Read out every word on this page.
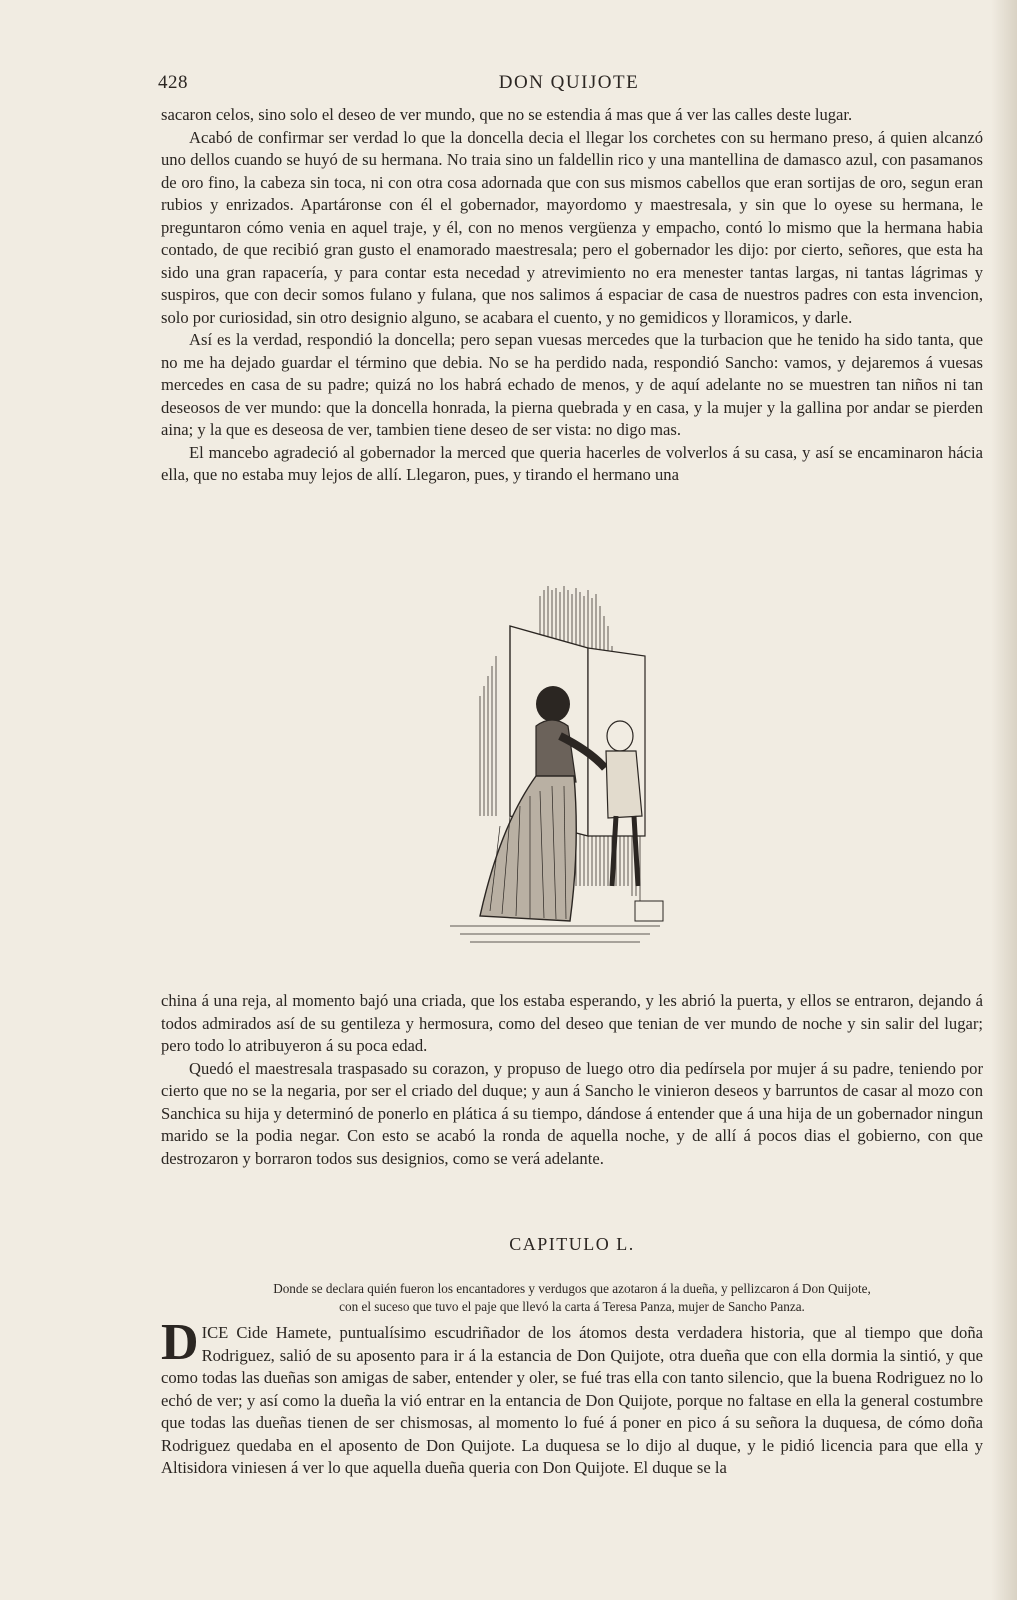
428	DON QUIJOTE

sacaron celos, sino solo el deseo de ver mundo, que no se estendia á mas que á ver las calles deste lugar.

Acabó de confirmar ser verdad lo que la doncella decia el llegar los corchetes con su hermano preso, á quien alcanzó uno dellos cuando se huyó de su hermana. No traia sino un faldellin rico y una mantellina de damasco azul, con pasamanos de oro fino, la cabeza sin toca, ni con otra cosa adornada que con sus mismos cabellos que eran sortijas de oro, segun eran rubios y enrizados. Apartáronse con él el gobernador, mayordomo y maestresala, y sin que lo oyese su hermana, le preguntaron cómo venia en aquel traje, y él, con no menos vergüenza y empacho, contó lo mismo que la hermana habia contado, de que recibió gran gusto el enamorado maestresala; pero el gobernador les dijo: por cierto, señores, que esta ha sido una gran rapacería, y para contar esta necedad y atrevimiento no era menester tantas largas, ni tantas lágrimas y suspiros, que con decir somos fulano y fulana, que nos salimos á espaciar de casa de nuestros padres con esta invencion, solo por curiosidad, sin otro designio alguno, se acabara el cuento, y no gemidicos y lloramicos, y darle.

Así es la verdad, respondió la doncella; pero sepan vuesas mercedes que la turbacion que he tenido ha sido tanta, que no me ha dejado guardar el término que debia. No se ha perdido nada, respondió Sancho: vamos, y dejaremos á vuesas mercedes en casa de su padre; quizá no los habrá echado de menos, y de aquí adelante no se muestren tan niños ni tan deseosos de ver mundo: que la doncella honrada, la pierna quebrada y en casa, y la mujer y la gallina por andar se pierden aina; y la que es deseosa de ver, tambien tiene deseo de ser vista: no digo mas.

El mancebo agradeció al gobernador la merced que queria hacerles de volverlos á su casa, y así se encaminaron hácia ella, que no estaba muy lejos de allí. Llegaron, pues, y tirando el hermano una

china á una reja, al momento bajó una criada, que los estaba esperando, y les abrió la puerta, y ellos se entraron, dejando á todos admirados así de su gentileza y hermosura, como del deseo que tenian de ver mundo de noche y sin salir del lugar; pero todo lo atribuyeron á su poca edad.

Quedó el maestresala traspasado su corazon, y propuso de luego otro dia pedírsela por mujer á su padre, teniendo por cierto que no se la negaria, por ser el criado del duque; y aun á Sancho le vinieron deseos y barruntos de casar al mozo con Sanchica su hija y determinó de ponerlo en plática á su tiempo, dándose á entender que á una hija de un gobernador ningun marido se la podia negar. Con esto se acabó la ronda de aquella noche, y de allí á pocos dias el gobierno, con que destrozaron y borraron todos sus designios, como se verá adelante.

CAPITULO L.
Donde se declara quién fueron los encantadores y verdugos que azotaron á la dueña, y pellizcaron á Don Quijote,
con el suceso que tuvo el paje que llevó la carta á Teresa Panza, mujer de Sancho Panza.

DICE Cide Hamete, puntualísimo escudriñador de los átomos desta verdadera historia, que al tiempo que doña Rodriguez, salió de su aposento para ir á la estancia de Don Quijote, otra dueña que con ella dormia la sintió, y que como todas las dueñas son amigas de saber, entender y oler, se fué tras ella con tanto silencio, que la buena Rodriguez no lo echó de ver; y así como la dueña la vió entrar en la entancia de Don Quijote, porque no faltase en ella la general costumbre que todas las dueñas tienen de ser chismosas, al momento lo fué á poner en pico á su señora la duquesa, de cómo doña Rodriguez quedaba en el aposento de Don Quijote. La duquesa se lo dijo al duque, y le pidió licencia para que ella y Altisidora viniesen á ver lo que aquella dueña queria con Don Quijote. El duque se la
